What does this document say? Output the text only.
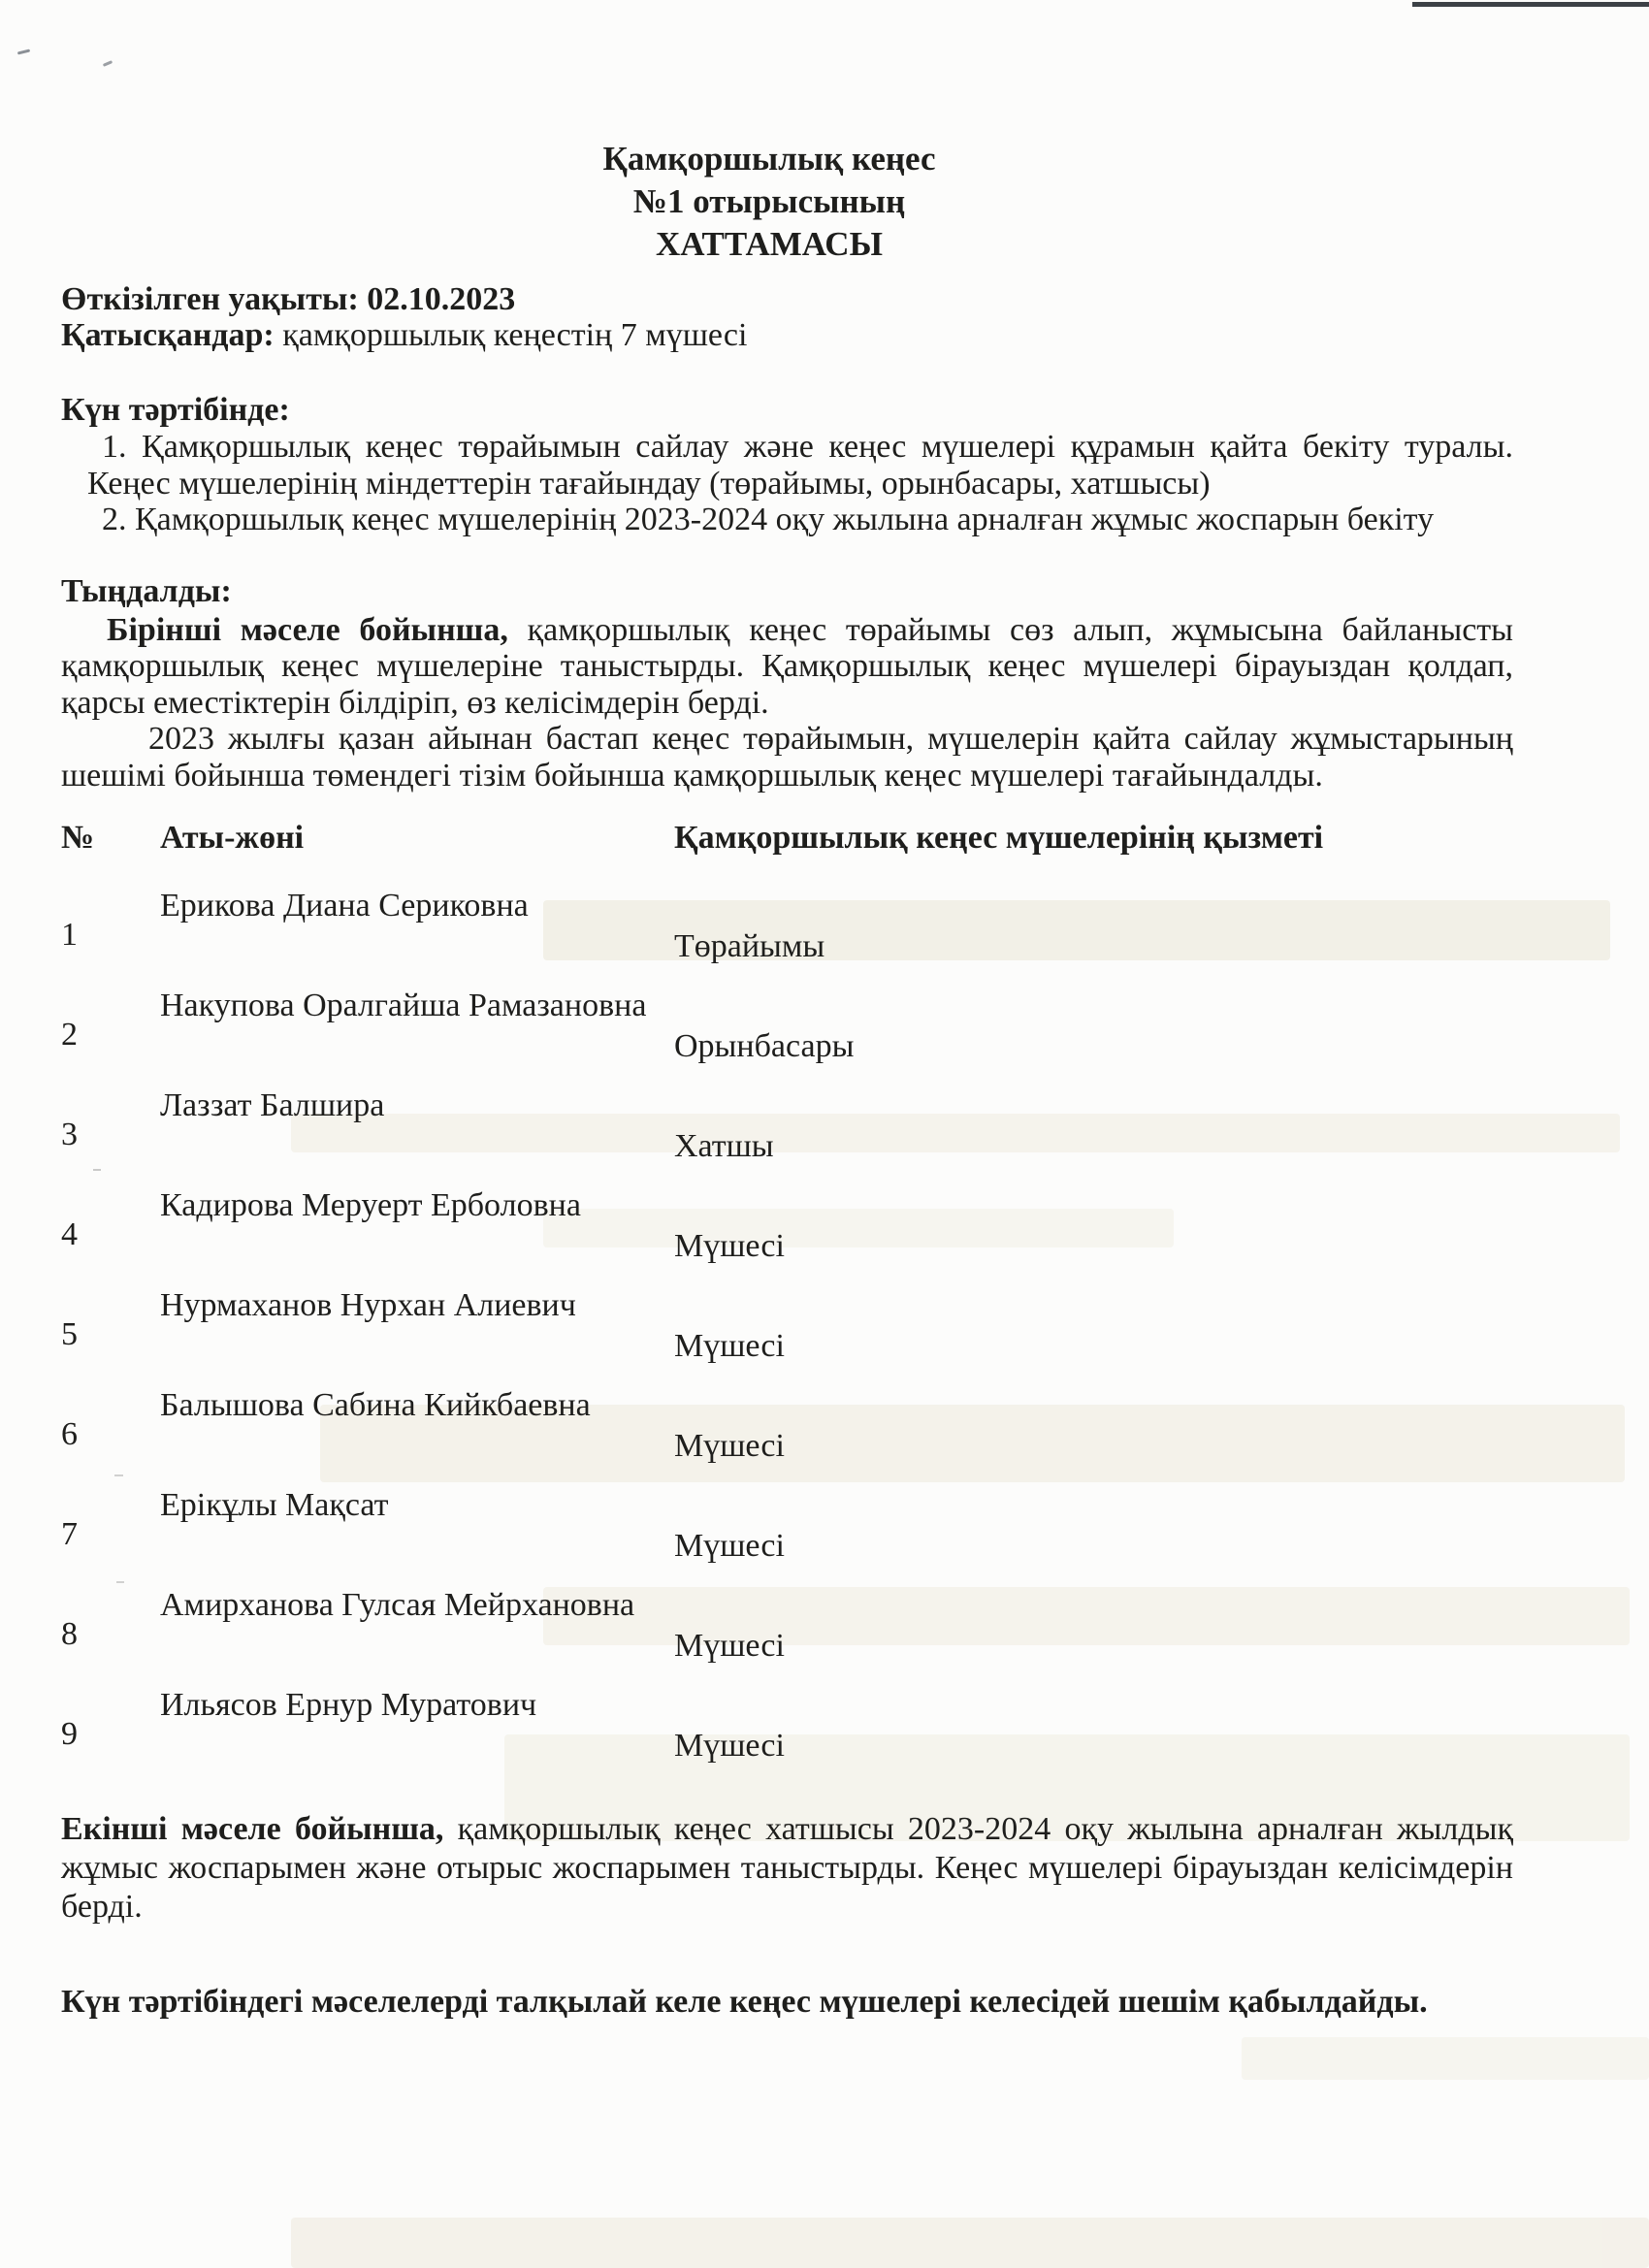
Қамқоршылық кеңес
№1 отырысының
ХАТТАМАСЫ
Өткізілген уақыты: 02.10.2023
Қатысқандар: қамқоршылық кеңестің 7 мүшесі
Күн тәртібінде:
1. Қамқоршылық кеңес төрайымын сайлау және кеңес мүшелері құрамын қайта бекіту туралы. Кеңес мүшелерінің міндеттерін тағайындау (төрайымы, орынбасары, хатшысы)
2. Қамқоршылық кеңес мүшелерінің 2023-2024 оқу жылына арналған жұмыс жоспарын бекіту
Тыңдалды:
Бірінші мәселе бойынша, қамқоршылық кеңес төрайымы сөз алып, жұмысына байланысты қамқоршылық кеңес мүшелеріне таныстырды. Қамқоршылық кеңес мүшелері бірауыздан қолдап, қарсы еместіктерін білдіріп, өз келісімдерін берді.
2023 жылғы қазан айынан бастап кеңес төрайымын, мүшелерін қайта сайлау жұмыстарының шешімі бойынша төмендегі тізім бойынша қамқоршылық кеңес мүшелері тағайындалды.
№	Аты-жөні	Қамқоршылық кеңес мүшелерінің қызметі
1
Ерикова Диана Сериковна
Төрайымы
2
Накупова Оралгайша Рамазановна
Орынбасары
3
Лаззат Балшира
Хатшы
4
Кадирова Меруерт Ерболовна
Мүшесі
5
Нурмаханов Нурхан Алиевич
Мүшесі
6
Балышова Сабина Кийкбаевна
Мүшесі
7
Ерікұлы Мақсат
Мүшесі
8
Амирханова Гулсая Мейрхановна
Мүшесі
9
Ильясов Ернур Муратович
Мүшесі
Екінші мәселе бойынша, қамқоршылық кеңес хатшысы 2023-2024 оқу жылына арналған жылдық жұмыс жоспарымен және отырыс жоспарымен таныстырды. Кеңес мүшелері бірауыздан келісімдерін берді.
Күн тәртібіндегі мәселелерді талқылай келе кеңес мүшелері келесідей шешім қабылдайды.
